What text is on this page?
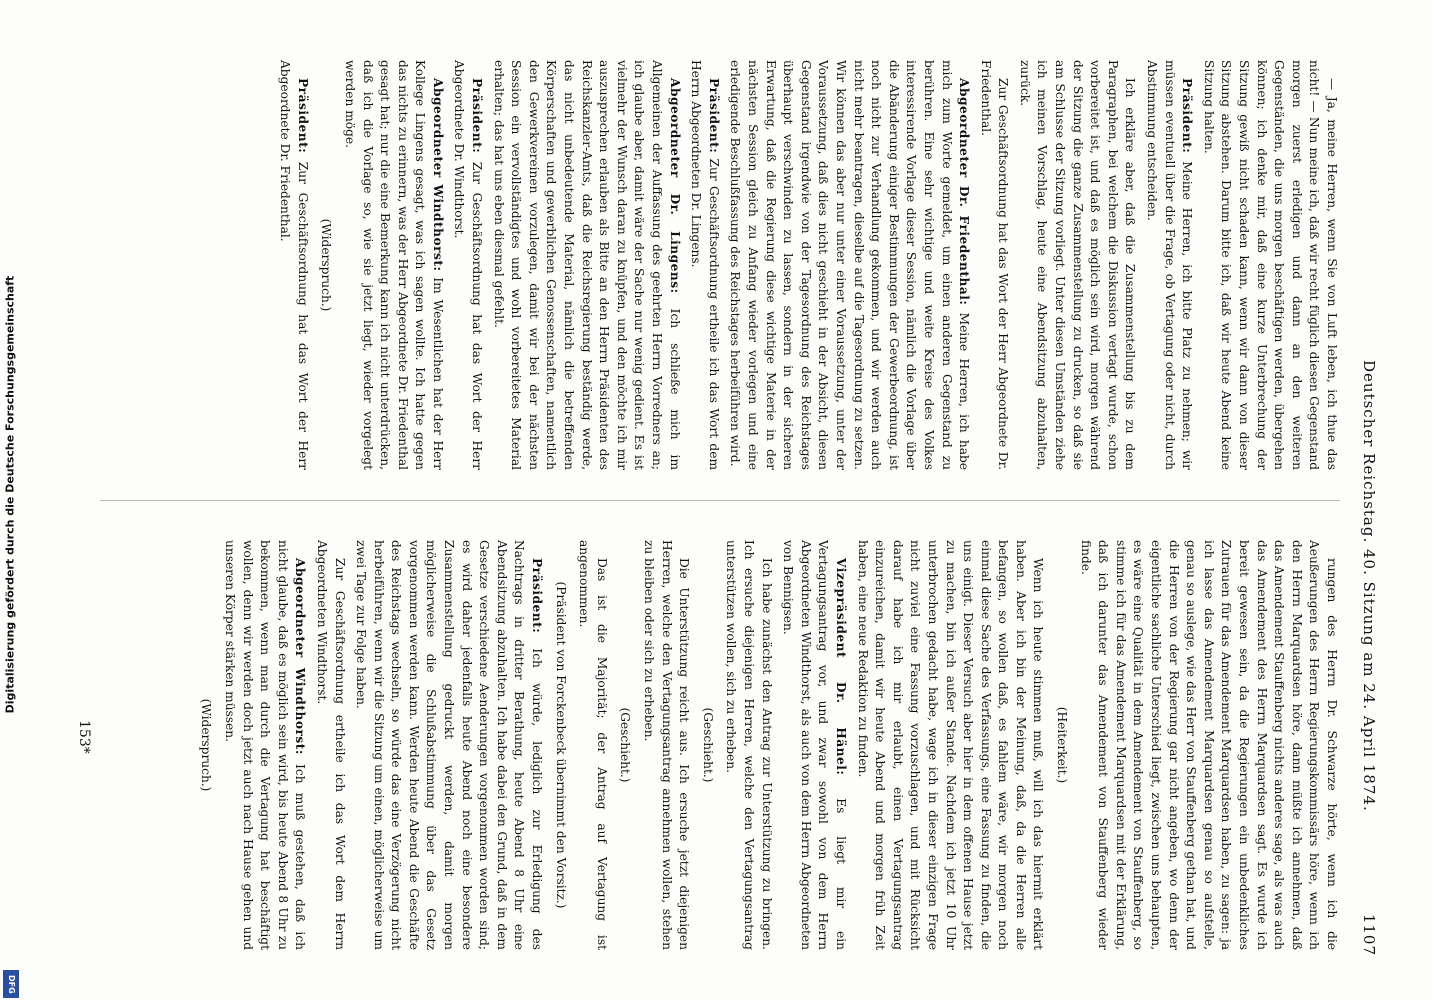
Digitalisierung gefördert durch die Deutsche Forschungsgemeinschaft
DFG
Deutscher Reichstag. 40. Sitzung am 24. April 1874.
1107

— Ja, meine Herren, wenn Sie von Luft leben, ich thue das nicht! — Nun meine ich, daß wir recht füglich diesen Gegenstand morgen zuerst erledigen und dann an den weiteren Gegenständen, die uns morgen beschäftigen werden, übergehen können; ich denke mir, daß eine kurze Unterbrechung der Sitzung gewiß nicht schaden kann, wenn wir dann von dieser Sitzung abstehen. Darum bitte ich, daß wir heute Abend keine Sitzung halten.

Präsident: Meine Herren, ich bitte Platz zu nehmen; wir müssen eventuell über die Frage, ob Vertagung oder nicht, durch Abstimmung entscheiden.

Ich erkläre aber, daß die Zusammenstellung bis zu dem Paragraphen, bei welchem die Diskussion vertagt wurde, schon vorbereitet ist, und daß es möglich sein wird, morgen während der Sitzung die ganze Zusammenstellung zu drucken, so daß sie am Schlusse der Sitzung vorliegt. Unter diesen Umständen ziehe ich meinen Vorschlag, heute eine Abendsitzung abzuhalten, zurück.

Zur Geschäftsordnung hat das Wort der Herr Abgeordnete Dr. Friedenthal.

Abgeordneter Dr. Friedenthal: Meine Herren, ich habe mich zum Worte gemeldet, um einen anderen Gegenstand zu berühren. Eine sehr wichtige und weite Kreise des Volkes interessirende Vorlage dieser Session, nämlich die Vorlage über die Abänderung einiger Bestimmungen der Gewerbeordnung, ist noch nicht zur Verhandlung gekommen, und wir werden auch nicht mehr beantragen, dieselbe auf die Tagesordnung zu setzen. Wir können das aber nur unter einer Voraussetzung, unter der Voraussetzung, daß dies nicht geschieht in der Absicht, diesen Gegenstand irgendwie von der Tagesordnung des Reichstages überhaupt verschwinden zu lassen, sondern in der sicheren Erwartung, daß die Regierung diese wichtige Materie in der nächsten Session gleich zu Anfang wieder vorlegen und eine erledigende Beschlußfassung des Reichstages herbeiführen wird.

Präsident: Zur Geschäftsordnung ertheile ich das Wort dem Herrn Abgeordneten Dr. Lingens.

Abgeordneter Dr. Lingens: Ich schließe mich im Allgemeinen der Auffassung des geehrten Herrn Vorredners an; ich glaube aber, damit wäre der Sache nur wenig gedient. Es ist vielmehr der Wunsch daran zu knüpfen, und den möchte ich mir auszusprechen erlauben als Bitte an den Herrn Präsidenten des Reichskanzler-Amts, daß die Reichsregierung beständig werde, das nicht unbedeutende Material, nämlich die betreffenden Körperschaften und gewerblichen Genossenschaften, namentlich den Gewerkvereinen vorzulegen, damit wir bei der nächsten Session ein vervollständigtes und wohl vorbereitetes Material erhalten; das hat uns eben diesmal gefehlt.

Präsident: Zur Geschäftsordnung hat das Wort der Herr Abgeordnete Dr. Windthorst.

Abgeordneter Windthorst: Im Wesentlichen hat der Herr Kollege Lingens gesagt, was ich sagen wollte. Ich hatte gegen das nichts zu erinnern, was der Herr Abgeordnete Dr. Friedenthal gesagt hat; nur die eine Bemerkung kann ich nicht unterdrücken, daß ich die Vorlage so, wie sie jetzt liegt, wieder vorgelegt werden möge.

(Widerspruch.)

Präsident: Zur Geschäftsordnung hat das Wort der Herr Abgeordnete Dr. Friedenthal.

rungen des Herrn Dr. Schwarze hörte, wenn ich die Aeußerungen des Herrn Regierungskommissärs höre, wenn ich den Herrn Marquardsen höre, dann müßte ich annehmen, daß das Amendement Stauffenberg nichts anderes sage, als was auch das Amendement des Herrn Marquardsen sagt. Es wurde ich bereit gewesen sein, da die Regierungen ein unbedenkliches Zutrauen für das Amendement Marquardsen haben, zu sagen: ja ich lasse das Amendement Marquardsen genau so aufstelle, genau so auslege, wie das Herr von Stauffenberg gethan hat, und die Herren von der Regierung gar nicht angeben, wo denn der eigentliche sachliche Unterschied liegt, zwischen uns behaupten, es wäre eine Qualität in dem Amendement von Stauffenberg, so stimme ich für das Amendement Marquardsen mit der Erklärung, daß ich darunter das Amendement von Stauffenberg wieder finde.

(Heiterkeit.)

Wenn ich heute stimmen muß, will ich das hiermit erklärt haben. Aber ich bin der Meinung, daß, da die Herren alle befangen, so wollen daß, es fahlem wäre, wir morgen noch einmal diese Sache des Verfassungs, eine Fassung zu finden, die uns einigt. Dieser Versuch aber hier in dem offenen Hause jetzt zu machen, bin ich außer Stande. Nachdem ich jetzt 10 Uhr unterbrochen gedacht habe, wage ich in dieser einzigen Frage nicht zuviel eine Fassung vorzuschlagen, und mit Rücksicht darauf habe ich mir erlaubt, einen Vertagungsantrag einzureichen, damit wir heute Abend und morgen früh Zeit haben, eine neue Redaktion zu finden.

Vizepräsident Dr. Hänel: Es liegt mir ein Vertagungsantrag vor, und zwar sowohl von dem Herrn Abgeordneten Windthorst, als auch von dem Herrn Abgeordneten von Bennigsen.

Ich habe zunächst den Antrag zur Unterstützung zu bringen. Ich ersuche diejenigen Herren, welche den Vertagungsantrag unterstützen wollen, sich zu erheben.

(Geschieht.)

Die Unterstützung reicht aus. Ich ersuche jetzt diejenigen Herren, welche den Vertagungsantrag annehmen wollen, stehen zu bleiben oder sich zu erheben.

(Geschieht.)

Das ist die Majorität; der Antrag auf Vertagung ist angenommen.

(Präsident von Forckenbeck übernimmt den Vorsitz.)

Präsident: Ich würde, lediglich zur Erledigung des Nachtrags in dritter Berathung, heute Abend 8 Uhr eine Abendsitzung abzuhalten. Ich habe dabei den Grund, daß in dem Gesetze verschiedene Aenderungen vorgenommen worden sind; es wird daher jedenfalls heute Abend noch eine besondere Zusammenstellung gedruckt werden, damit morgen möglicherweise die Schlußabstimmung über das Gesetz vorgenommen werden kann. Werden heute Abend die Geschäfte des Reichstags wechseln, so würde das eine Verzögerung nicht herbeiführen, wenn wir die Sitzung um einen, möglicherweise um zwei Tage zur Folge haben.

Zur Geschäftsordnung ertheile ich das Wort dem Herrn Abgeordneten Windthorst.

Abgeordneter Windthorst: Ich muß gestehen, daß ich nicht glaube, daß es möglich sein wird, bis heute Abend 8 Uhr zu bekommen, wenn man durch die Vertagung hat beschäftigt wollen, denn wir werden doch jetzt auch nach Hause gehen und unseren Körper stärken müssen.

(Widerspruch.)

153*
